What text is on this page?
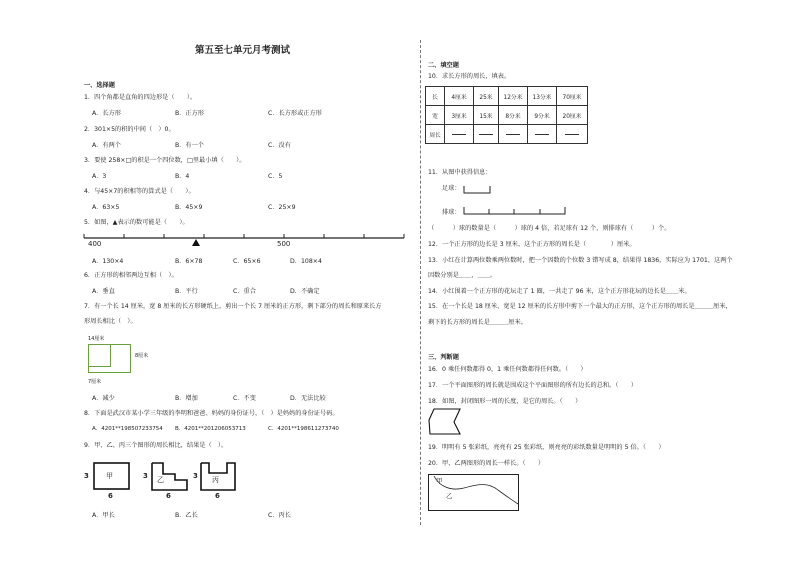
第五至七单元月考测试
一、选择题
1．四个角都是直角的四边形是（　　）。
A．长方形	B．正方形	C．长方形或正方形
2．301×5的积的中间（　）0。
A．有两个	B．有一个	C．没有
3．要使 258×□的积是一个四位数，□里最小填（　　）。
A．3	B．4	C．5
4．与45×7的积相等的算式是（　　）。
A．63×5	B．45×9	C．25×9
5．如图，▲表示的数可能是（　　）。
400	500
A．130×4	B．6×78	C．65×6	D．108×4
6．正方形的相邻两边互相（　）。
A．垂直	B．平行	C．重合	D．不确定
7．有一个长 14 厘米，宽 8 厘米的长方形硬纸上，剪出一个长 7 厘米的正方形，剩下部分的周长和原来长方
形周长相比（　）。
14厘米
8厘米
7厘米
A．减少	B．增加	C．不变	D．无法比较
8．下面是武汉市某小学三年级的李明和爸爸、妈妈的身份证号，（　）是妈妈的身份证号码。
A．4201**198507233754 B．4201**201206053713	C．4201**198611273740
9．甲、乙、丙三个图形的周长相比，结果是（　）。
3 甲
6
3 乙
6
3 丙
6
A．甲长	B．乙长	C．丙长
二、填空题
10．求长方形的周长，填表。
长	4厘米	25米	12分米	13分米	70厘米
宽	3厘米	15米	8分米	9分米	20厘米
周长					
11．从图中获得信息：
足球：
排球：
（　　　）球的数量是（　　　）球的 4 倍，若足球有 12 个，则排球有（　　　）个。
12．一个正方形的边长是 3 厘米，这个正方形的周长是（　　　　）厘米。
13．小红在计算两位数乘两位数时，把一个因数的个位数 3 错写成 8，结果得 1836，实际应为 1701，这两个
因数分别是＿＿，＿＿。
14．小红围着一个正方形的花坛走了 1 圈，一共走了 96 米，这个正方形花坛的边长是＿＿米。
15．在一个长是 18 厘米，宽是 12 厘米的长方形中剪下一个最大的正方形，这个正方形的周长是＿＿＿厘米，
剩下的长方形的周长是＿＿＿厘米。
三、判断题
16．0 乘任何数都得 0，1 乘任何数都得任何数。（　　）
17．一个平面图形的周长就是围成这个平面图形的所有边长的总和。（　　）
18．如图，封闭图形一周的长度，是它的周长。（　　）
19．明明有 5 张彩纸，亮亮有 25 张彩纸，则亮亮的彩纸数量是明明的 5 倍。（　　）
20．甲、乙两图形的周长一样长。（　　）
甲
乙
